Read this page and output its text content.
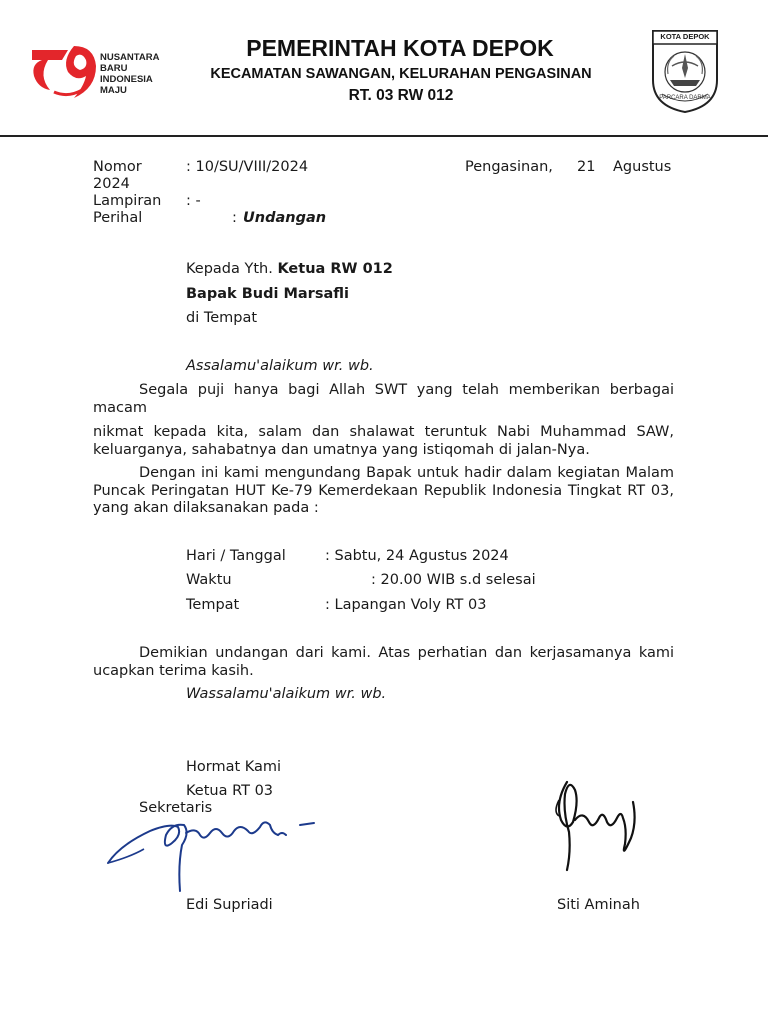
NUSANTARA
BARU
INDONESIA
MAJU
PEMERINTAH KOTA DEPOK
KECAMATAN SAWANGAN, KELURAHAN PENGASINAN
RT. 03 RW 012
KOTA DEPOK
PARCARA DARMA
Nomor	: 10/SU/VIII/2024
2024
Pengasinan, 21 Agustus
Lampiran : -
Perihal	: Undangan
Kepada Yth. Ketua RW 012
Bapak Budi Marsafli
di Tempat
Assalamu'alaikum wr. wb.
Segala puji hanya bagi Allah SWT yang telah memberikan berbagai macam
nikmat kepada kita, salam dan shalawat teruntuk Nabi Muhammad SAW, keluarganya, sahabatnya dan umatnya yang istiqomah di jalan-Nya.
Dengan ini kami mengundang Bapak untuk hadir dalam kegiatan Malam Puncak Peringatan HUT Ke-79 Kemerdekaan Republik Indonesia Tingkat RT 03, yang akan dilaksanakan pada :
Hari / Tanggal	: Sabtu, 24 Agustus 2024
Waktu	: 20.00 WIB s.d selesai
Tempat	: Lapangan Voly RT 03
Demikian undangan dari kami. Atas perhatian dan kerjasamanya kami ucapkan terima kasih.
Wassalamu'alaikum wr. wb.
Hormat Kami
Ketua RT 03
Sekretaris
Edi Supriadi	Siti Aminah
